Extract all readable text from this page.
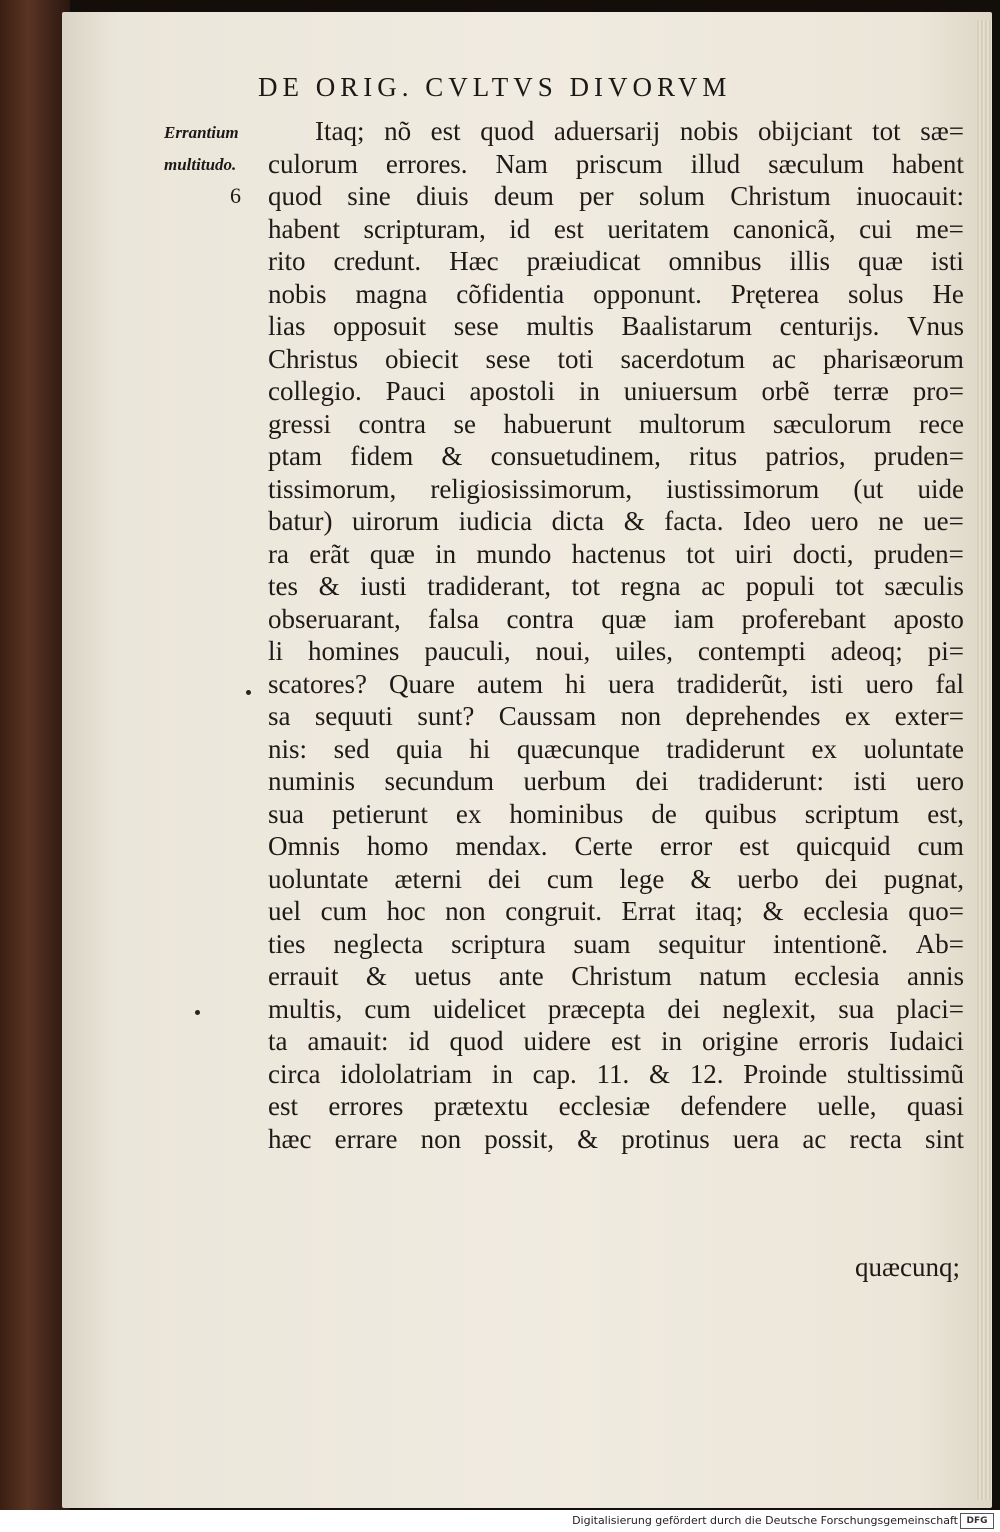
DE ORIG. CVLTVS DIVORVM
Errantium
multitudo.
6
Itaq; nõ est quod aduersarij nobis obijciant tot sæ=
culorum errores. Nam priscum illud sæculum habent
quod sine diuis deum per solum Christum inuocauit:
habent scripturam, id est ueritatem canonicã, cui me=
rito credunt. Hæc præiudicat omnibus illis quæ isti
nobis magna cõfidentia opponunt. Pręterea solus He
lias opposuit sese multis Baalistarum centurijs. Vnus
Christus obiecit sese toti sacerdotum ac pharisæorum
collegio. Pauci apostoli in uniuersum orbẽ terræ pro=
gressi contra se habuerunt multorum sæculorum rece
ptam fidem & consuetudinem, ritus patrios, pruden=
tissimorum, religiosissimorum, iustissimorum (ut uide
batur) uirorum iudicia dicta & facta. Ideo uero ne ue=
ra erãt quæ in mundo hactenus tot uiri docti, pruden=
tes & iusti tradiderant, tot regna ac populi tot sæculis
obseruarant, falsa contra quæ iam proferebant aposto
li homines pauculi, noui, uiles, contempti adeoq; pi=
scatores? Quare autem hi uera tradiderũt, isti uero fal
sa sequuti sunt? Caussam non deprehendes ex exter=
nis: sed quia hi quæcunque tradiderunt ex uoluntate
numinis secundum uerbum dei tradiderunt: isti uero
sua petierunt ex hominibus de quibus scriptum est,
Omnis homo mendax. Certe error est quicquid cum
uoluntate æterni dei cum lege & uerbo dei pugnat,
uel cum hoc non congruit. Errat itaq; & ecclesia quo=
ties neglecta scriptura suam sequitur intentionẽ. Ab=
errauit & uetus ante Christum natum ecclesia annis
multis, cum uidelicet præcepta dei neglexit, sua placi=
ta amauit: id quod uidere est in origine erroris Iudaici
circa idololatriam in cap. 11. & 12. Proinde stultissimũ
est errores prætextu ecclesiæ defendere uelle, quasi
hæc errare non possit, & protinus uera ac recta sint
quæcunq;
Digitalisierung gefördert durch die Deutsche Forschungsgemeinschaft DFG
